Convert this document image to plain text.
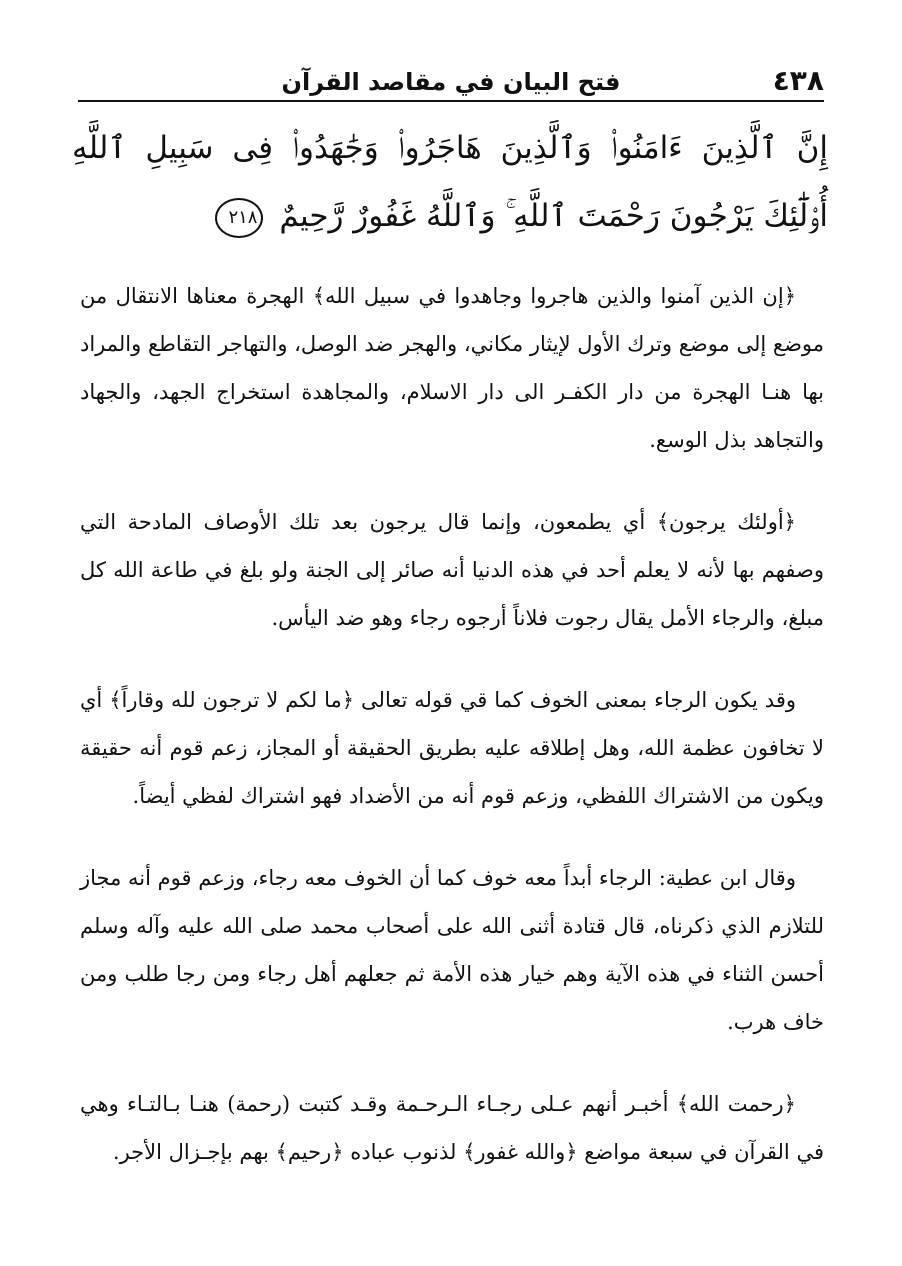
٤٣٨
فتح البيان في مقاصد القرآن
إِنَّ ٱلَّذِينَ ءَامَنُوا۟ وَٱلَّذِينَ هَاجَرُوا۟ وَجَٰهَدُوا۟ فِى سَبِيلِ ٱللَّهِ أُو۟لَٰٓئِكَ يَرْجُونَ رَحْمَتَ ٱللَّهِ ۚ وَٱللَّهُ غَفُورٌ رَّحِيمٌ ٢١٨

﴿إن الذين آمنوا والذين هاجروا وجاهدوا في سبيل الله﴾ الهجرة معناها الانتقال من موضع إلى موضع وترك الأول لإيثار مكاني، والهجر ضد الوصل، والتهاجر التقاطع والمراد بها هنـا الهجرة من دار الكفـر الى دار الاسلام، والمجاهدة استخراج الجهد، والجهاد والتجاهد بذل الوسع.

﴿أولئك يرجون﴾ أي يطمعون، وإنما قال يرجون بعد تلك الأوصاف المادحة التي وصفهم بها لأنه لا يعلم أحد في هذه الدنيا أنه صائر إلى الجنة ولو بلغ في طاعة الله كل مبلغ، والرجاء الأمل يقال رجوت فلاناً أرجوه رجاء وهو ضد اليأس.

وقد يكون الرجاء بمعنى الخوف كما قي قوله تعالى ﴿ما لكم لا ترجون لله وقاراً﴾ أي لا تخافون عظمة الله، وهل إطلاقه عليه بطريق الحقيقة أو المجاز، زعم قوم أنه حقيقة ويكون من الاشتراك اللفظي، وزعم قوم أنه من الأضداد فهو اشتراك لفظي أيضاً.

وقال ابن عطية: الرجاء أبداً معه خوف كما أن الخوف معه رجاء، وزعم قوم أنه مجاز للتلازم الذي ذكرناه، قال قتادة أثنى الله على أصحاب محمد صلى الله عليه وآله وسلم أحسن الثناء في هذه الآية وهم خيار هذه الأمة ثم جعلهم أهل رجاء ومن رجا طلب ومن خاف هرب.

﴿رحمت الله﴾ أخبـر أنهم عـلى رجـاء الـرحـمة وقـد كتبت (رحمة) هنـا بـالتـاء وهي في القرآن في سبعة مواضع ﴿والله غفور﴾ لذنوب عباده ﴿رحيم﴾ بهم بإجـزال الأجر.
